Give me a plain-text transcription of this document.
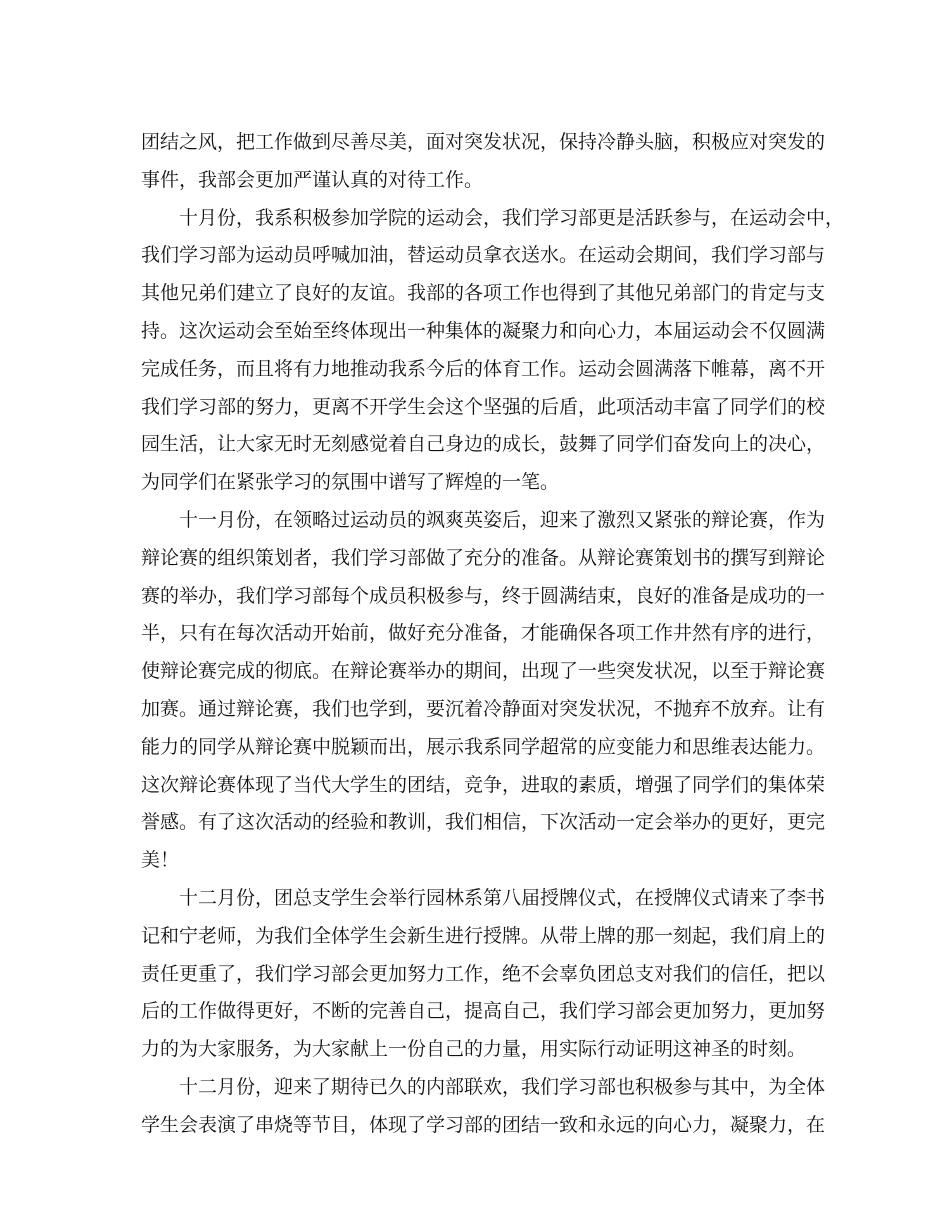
团结之风，把工作做到尽善尽美，面对突发状况，保持冷静头脑，积极应对突发的
事件，我部会更加严谨认真的对待工作。
十月份，我系积极参加学院的运动会，我们学习部更是活跃参与，在运动会中，
我们学习部为运动员呼喊加油，替运动员拿衣送水。在运动会期间，我们学习部与
其他兄弟们建立了良好的友谊。我部的各项工作也得到了其他兄弟部门的肯定与支
持。这次运动会至始至终体现出一种集体的凝聚力和向心力，本届运动会不仅圆满
完成任务，而且将有力地推动我系今后的体育工作。运动会圆满落下帷幕，离不开
我们学习部的努力，更离不开学生会这个坚强的后盾，此项活动丰富了同学们的校
园生活，让大家无时无刻感觉着自己身边的成长，鼓舞了同学们奋发向上的决心，
为同学们在紧张学习的氛围中谱写了辉煌的一笔。
十一月份，在领略过运动员的飒爽英姿后，迎来了激烈又紧张的辩论赛，作为
辩论赛的组织策划者，我们学习部做了充分的准备。从辩论赛策划书的撰写到辩论
赛的举办，我们学习部每个成员积极参与，终于圆满结束，良好的准备是成功的一
半，只有在每次活动开始前，做好充分准备，才能确保各项工作井然有序的进行，
使辩论赛完成的彻底。在辩论赛举办的期间，出现了一些突发状况，以至于辩论赛
加赛。通过辩论赛，我们也学到，要沉着冷静面对突发状况，不抛弃不放弃。让有
能力的同学从辩论赛中脱颖而出，展示我系同学超常的应变能力和思维表达能力。
这次辩论赛体现了当代大学生的团结，竞争，进取的素质，增强了同学们的集体荣
誉感。有了这次活动的经验和教训，我们相信，下次活动一定会举办的更好，更完
美！
十二月份，团总支学生会举行园林系第八届授牌仪式，在授牌仪式请来了李书
记和宁老师，为我们全体学生会新生进行授牌。从带上牌的那一刻起，我们肩上的
责任更重了，我们学习部会更加努力工作，绝不会辜负团总支对我们的信任，把以
后的工作做得更好，不断的完善自己，提高自己，我们学习部会更加努力，更加努
力的为大家服务，为大家献上一份自己的力量，用实际行动证明这神圣的时刻。
十二月份，迎来了期待已久的内部联欢，我们学习部也积极参与其中，为全体
学生会表演了串烧等节目，体现了学习部的团结一致和永远的向心力，凝聚力，在
